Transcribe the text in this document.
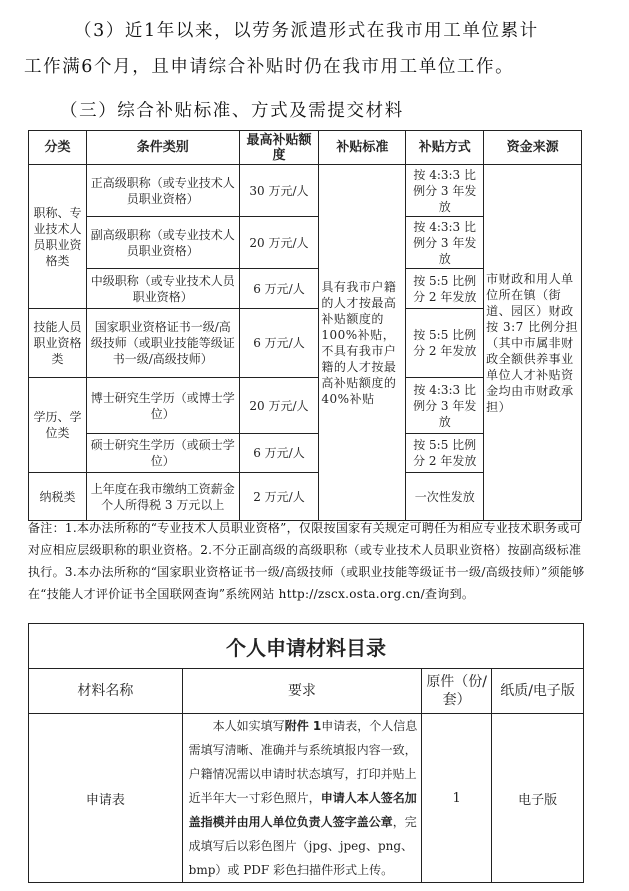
（3）近1年以来，以劳务派遣形式在我市用工单位累计
工作满6个月，且申请综合补贴时仍在我市用工单位工作。
（三）综合补贴标准、方式及需提交材料
分类	条件类别	最高补贴额度	补贴标准	补贴方式	资金来源
职称、专业技术人员职业资格类	正高级职称（或专业技术人员职业资格）	30 万元/人	具有我市户籍的人才按最高补贴额度的 100%补贴，不具有我市户籍的人才按最高补贴额度的 40%补贴	按 4:3:3 比例分 3 年发放	市财政和用人单位所在镇（街道、园区）财政按 3:7 比例分担（其中市属非财政全额供养事业单位人才补贴资金均由市财政承担）
	副高级职称（或专业技术人员职业资格）	20 万元/人		按 4:3:3 比例分 3 年发放	
	中级职称（或专业技术人员职业资格）	6 万元/人		按 5:5 比例分 2 年发放	
技能人员职业资格类	国家职业资格证书一级/高级技师（或职业技能等级证书一级/高级技师）	6 万元/人		按 5:5 比例分 2 年发放	
学历、学位类	博士研究生学历（或博士学位）	20 万元/人		按 4:3:3 比例分 3 年发放	
	硕士研究生学历（或硕士学位）	6 万元/人		按 5:5 比例分 2 年发放	
纳税类	上年度在我市缴纳工资薪金个人所得税 3 万元以上	2 万元/人		一次性发放	
备注：1.本办法所称的“专业技术人员职业资格”，仅限按国家有关规定可聘任为相应专业技术职务或可对应相应层级职称的职业资格。2.不分正副高级的高级职称（或专业技术人员职业资格）按副高级标准执行。3.本办法所称的“国家职业资格证书一级/高级技师（或职业技能等级证书一级/高级技师）”须能够在“技能人才评价证书全国联网查询”系统网站 http://zscx.osta.org.cn/查询到。
个人申请材料目录			
材料名称	要求	原件（份/套）	纸质/电子版
申请表	本人如实填写附件 1申请表，个人信息需填写清晰、准确并与系统填报内容一致，户籍情况需以申请时状态填写，打印并贴上近半年大一寸彩色照片，申请人本人签名加盖指模并由用人单位负责人签字盖公章，完成填写后以彩色图片（jpg、jpeg、png、bmp）或 PDF 彩色扫描件形式上传。	1	电子版
